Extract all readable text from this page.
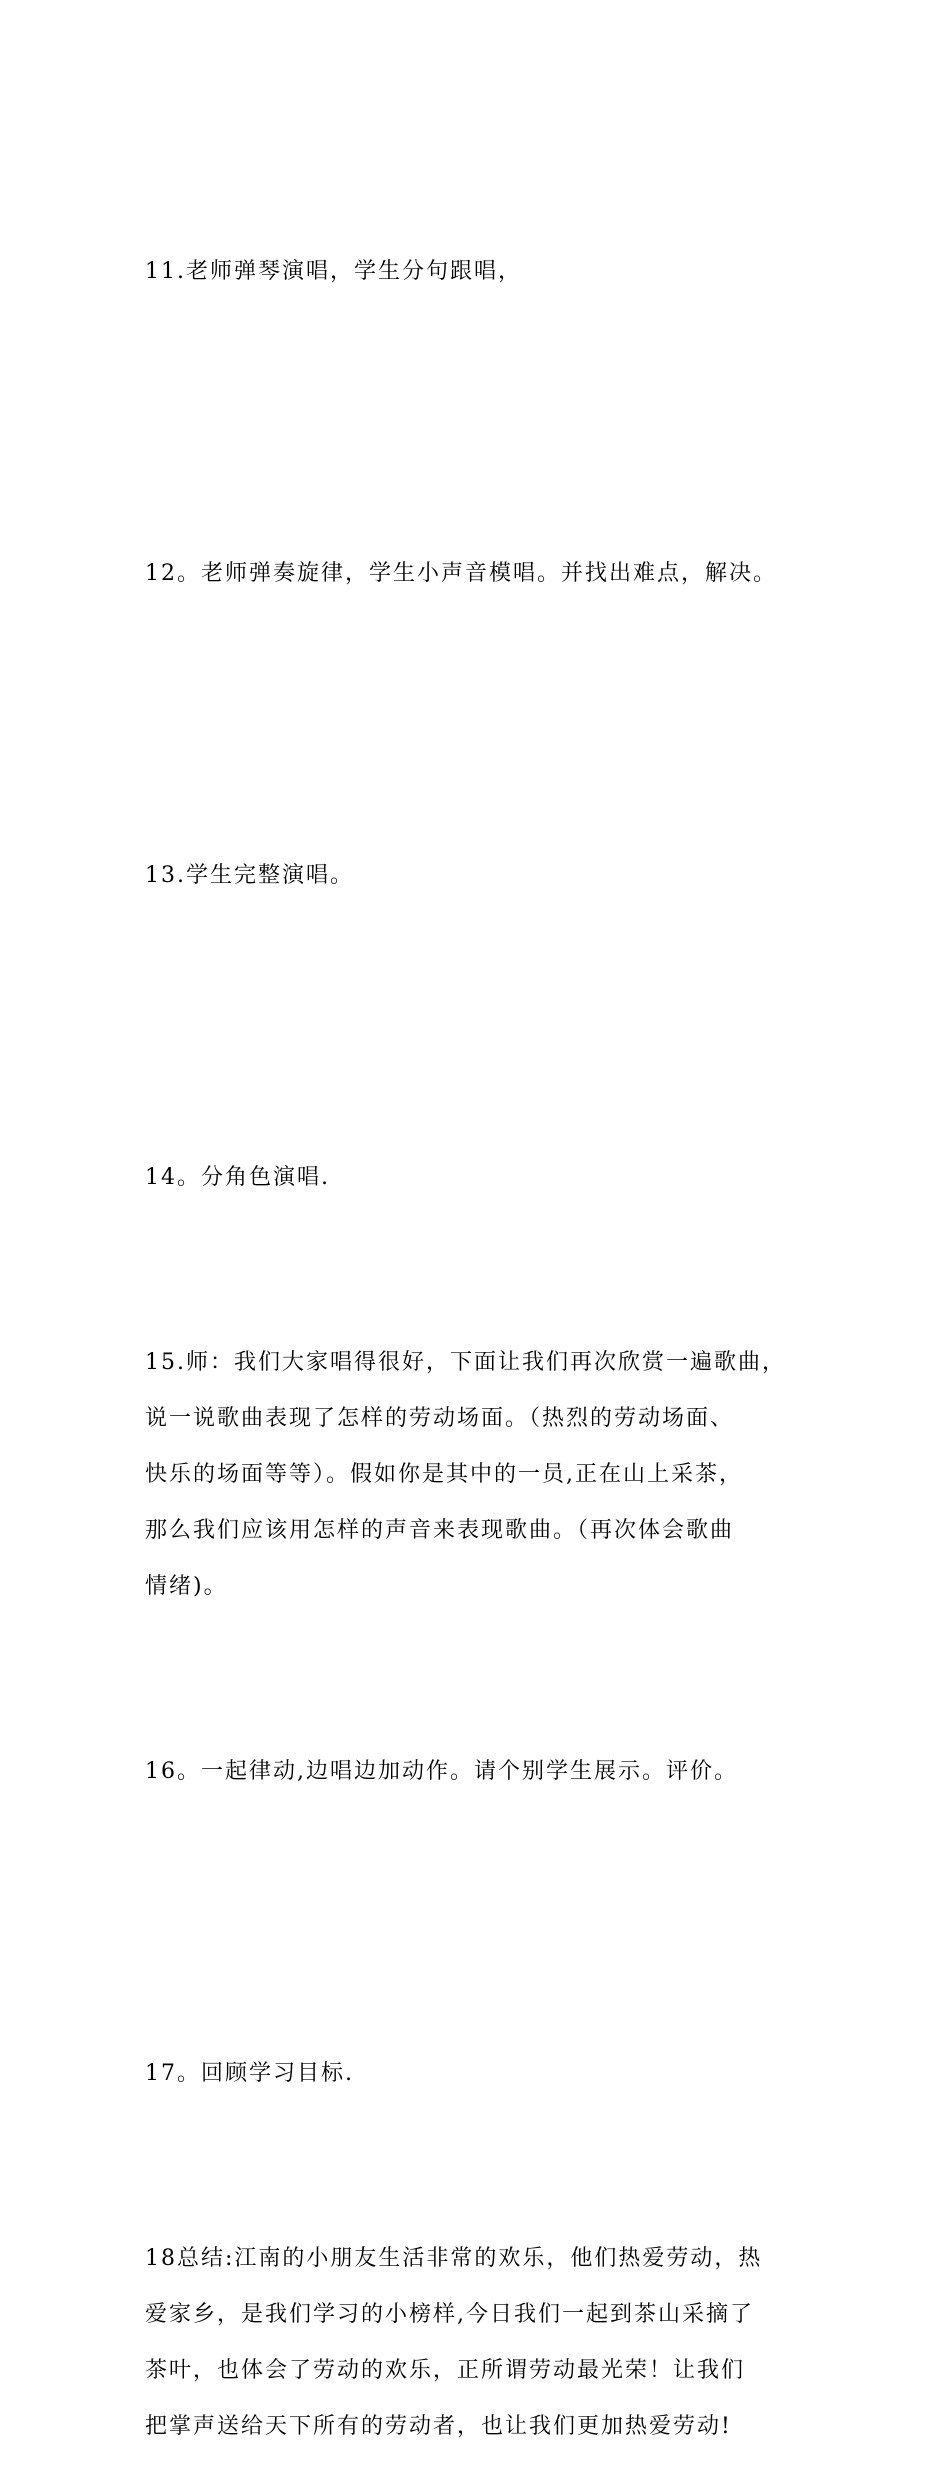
11.老师弹琴演唱，学生分句跟唱，

12。老师弹奏旋律，学生小声音模唱。并找出难点，解决。

13.学生完整演唱。

14。分角色演唱.

15.师：我们大家唱得很好，下面让我们再次欣赏一遍歌曲，
说一说歌曲表现了怎样的劳动场面。（热烈的劳动场面、
快乐的场面等等）。假如你是其中的一员,正在山上采茶，
那么我们应该用怎样的声音来表现歌曲。（再次体会歌曲
情绪)。

16。一起律动,边唱边加动作。请个别学生展示。评价。

17。回顾学习目标.

18总结:江南的小朋友生活非常的欢乐，他们热爱劳动，热
爱家乡，是我们学习的小榜样,今日我们一起到茶山采摘了
茶叶，也体会了劳动的欢乐，正所谓劳动最光荣！让我们
把掌声送给天下所有的劳动者，也让我们更加热爱劳动!
